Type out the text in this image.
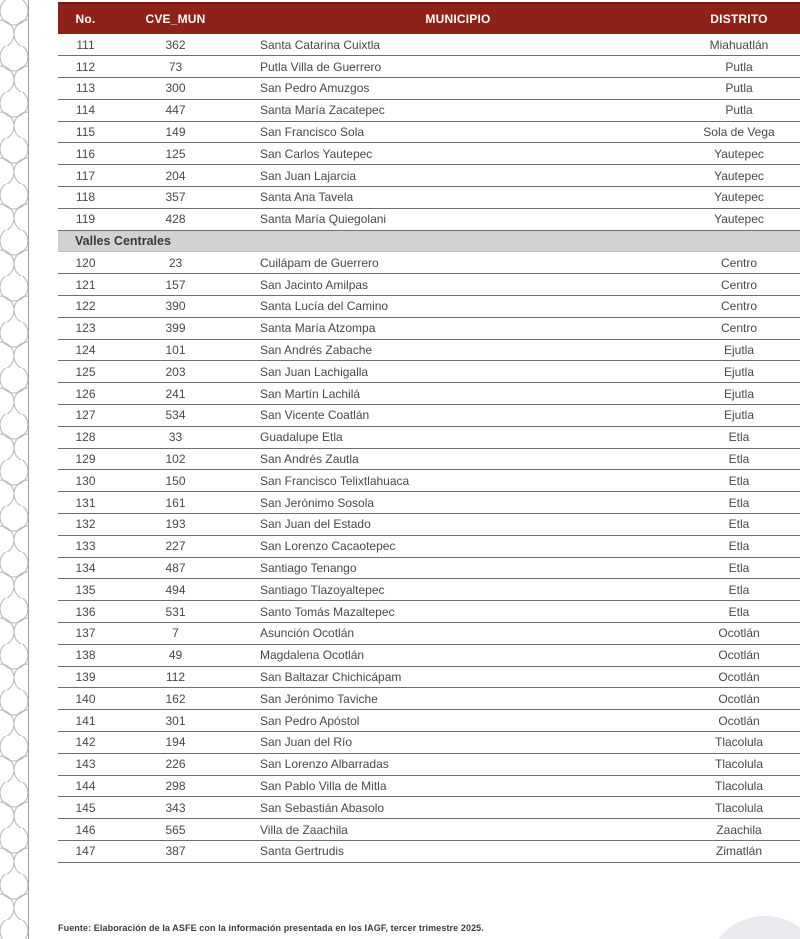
No.	CVE_MUN	MUNICIPIO	DISTRITO
111	362	Santa Catarina Cuixtla	Miahuatlán
112	73	Putla Villa de Guerrero	Putla
113	300	San Pedro Amuzgos	Putla
114	447	Santa María Zacatepec	Putla
115	149	San Francisco Sola	Sola de Vega
116	125	San Carlos Yautepec	Yautepec
117	204	San Juan Lajarcia	Yautepec
118	357	Santa Ana Tavela	Yautepec
119	428	Santa María Quiegolani	Yautepec
Valles Centrales			
120	23	Cuilápam de Guerrero	Centro
121	157	San Jacinto Amilpas	Centro
122	390	Santa Lucía del Camino	Centro
123	399	Santa María Atzompa	Centro
124	101	San Andrés Zabache	Ejutla
125	203	San Juan Lachigalla	Ejutla
126	241	San Martín Lachilá	Ejutla
127	534	San Vicente Coatlán	Ejutla
128	33	Guadalupe Etla	Etla
129	102	San Andrés Zautla	Etla
130	150	San Francisco Telixtlahuaca	Etla
131	161	San Jerónimo Sosola	Etla
132	193	San Juan del Estado	Etla
133	227	San Lorenzo Cacaotepec	Etla
134	487	Santiago Tenango	Etla
135	494	Santiago Tlazoyaltepec	Etla
136	531	Santo Tomás Mazaltepec	Etla
137	7	Asunción Ocotlán	Ocotlán
138	49	Magdalena Ocotlán	Ocotlán
139	112	San Baltazar Chichicápam	Ocotlán
140	162	San Jerónimo Taviche	Ocotlán
141	301	San Pedro Apóstol	Ocotlán
142	194	San Juan del Río	Tlacolula
143	226	San Lorenzo Albarradas	Tlacolula
144	298	San Pablo Villa de Mitla	Tlacolula
145	343	San Sebastián Abasolo	Tlacolula
146	565	Villa de Zaachila	Zaachila
147	387	Santa Gertrudis	Zimatlán
Fuente: Elaboración de la ASFE con la información presentada en los IAGF, tercer trimestre 2025.
